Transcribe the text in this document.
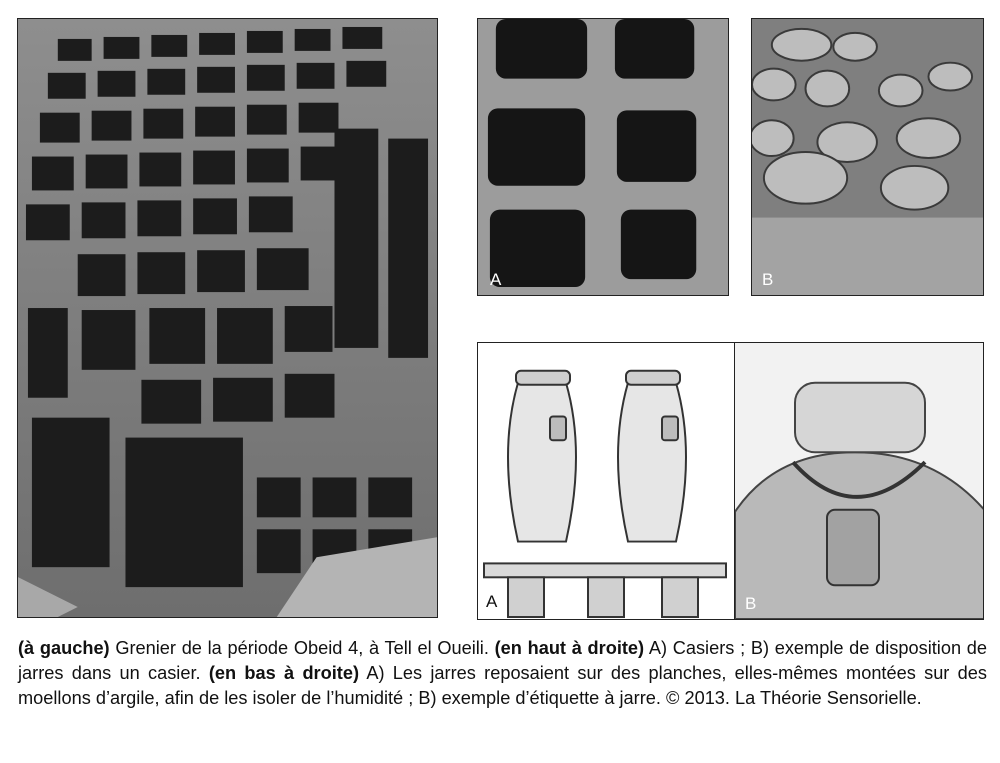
A	B
A	B

(à gauche) Grenier de la période Obeid 4, à Tell el Oueili. (en haut à droite) A) Casiers ; B) exemple de disposition de jarres dans un casier. (en bas à droite) A) Les jarres reposaient sur des planches, elles-mêmes montées sur des moellons d’argile, afin de les isoler de l’humidité ; B) exemple d’étiquette à jarre. © 2013. La Théorie Sensorielle.
